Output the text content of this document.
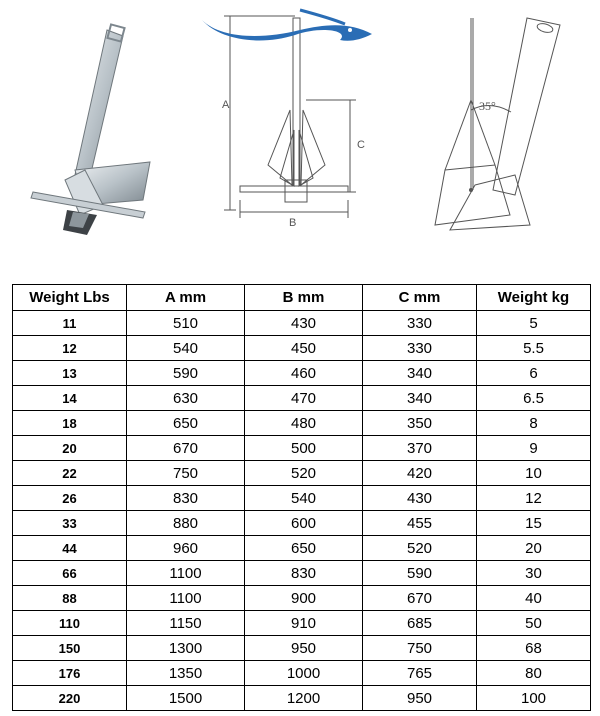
A
B
C
35°
Weight Lbs	A mm	B mm	C mm	Weight kg
11	510	430	330	5
12	540	450	330	5.5
13	590	460	340	6
14	630	470	340	6.5
18	650	480	350	8
20	670	500	370	9
22	750	520	420	10
26	830	540	430	12
33	880	600	455	15
44	960	650	520	20
66	1100	830	590	30
88	1100	900	670	40
110	1150	910	685	50
150	1300	950	750	68
176	1350	1000	765	80
220	1500	1200	950	100
